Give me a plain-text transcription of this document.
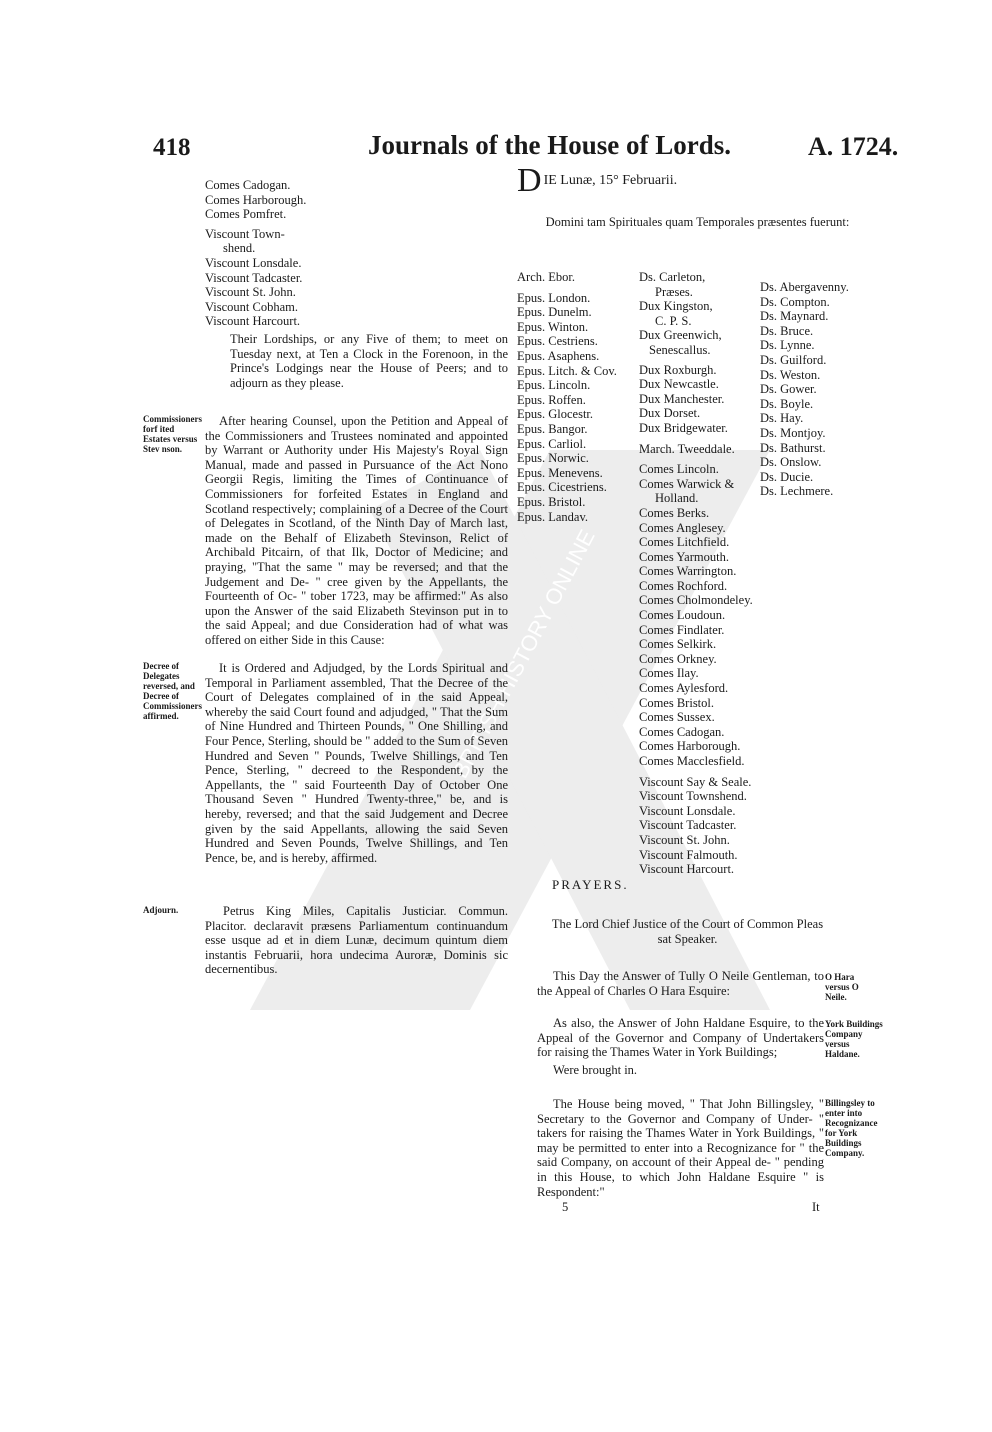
418	Journals of the House of Lords.	A. 1724.
BRITISH HISTORY ONLINE
Comes Cadogan.
Comes Harborough.
Comes Pomfret.
Viscount Town-
shend.
Viscount Lonsdale.
Viscount Tadcaster.
Viscount St. John.
Viscount Cobham.
Viscount Harcourt.
Their Lordships, or any Five of them; to meet on Tuesday next, at Ten a Clock in the Forenoon, in the Prince's Lodgings near the House of Peers; and to adjourn as they please.
Commissioners forf ited Estates versus Stev nson.
Decree of Delegates reversed, and Decree of Commissioners affirmed.
Adjourn.
After hearing Counsel, upon the Petition and Appeal of the Commissioners and Trustees nominated and appointed by Warrant or Authority under His Majesty's Royal Sign Manual, made and passed in Pursuance of the Act Nono Georgii Regis, limiting the Times of Continuance of Commissioners for forfeited Estates in England and Scotland respectively; complaining of a Decree of the Court of Delegates in Scotland, of the Ninth Day of March last, made on the Behalf of Elizabeth Stevinson, Relict of Archibald Pitcairn, of that Ilk, Doctor of Medicine; and praying, "That the same " may be reversed; and that the Judgement and De- " cree given by the Appellants, the Fourteenth of Oc- " tober 1723, may be affirmed:" As also upon the Answer of the said Elizabeth Stevinson put in to the said Appeal; and due Consideration had of what was offered on either Side in this Cause:
It is Ordered and Adjudged, by the Lords Spiritual and Temporal in Parliament assembled, That the Decree of the Court of Delegates complained of in the said Appeal, whereby the said Court found and adjudged, " That the Sum of Nine Hundred and Thirteen Pounds, " One Shilling, and Four Pence, Sterling, should be " added to the Sum of Seven Hundred and Seven " Pounds, Twelve Shillings, and Ten Pence, Sterling, " decreed to the Respondent, by the Appellants, the " said Fourteenth Day of October One Thousand Seven " Hundred Twenty-three," be, and is hereby, reversed; and that the said Judgement and Decree given by the said Appellants, allowing the said Seven Hundred and Seven Pounds, Twelve Shillings, and Ten Pence, be, and is hereby, affirmed.
Petrus King Miles, Capitalis Justiciar. Commun. Placitor. declaravit præsens Parliamentum continuandum esse usque ad et in diem Lunæ, decimum quintum diem instantis Februarii, hora undecima Auroræ, Dominis sic decernentibus.
DIE Lunæ, 15° Februarii.
Domini tam Spirituales quam Temporales præsentes fuerunt:
Arch. Ebor.
Epus. London.
Epus. Dunelm.
Epus. Winton.
Epus. Cestriens.
Epus. Asaphens.
Epus. Litch. & Cov.
Epus. Lincoln.
Epus. Roffen.
Epus. Glocestr.
Epus. Bangor.
Epus. Carliol.
Epus. Norwic.
Epus. Menevens.
Epus. Cicestriens.
Epus. Bristol.
Epus. Landav.
Ds. Carleton,
Præses.
Dux Kingston,
C. P. S.
Dux Greenwich,
Senescallus.
Dux Roxburgh.
Dux Newcastle.
Dux Manchester.
Dux Dorset.
Dux Bridgewater.
March. Tweeddale.
Comes Lincoln.
Comes Warwick &
Holland.
Comes Berks.
Comes Anglesey.
Comes Litchfield.
Comes Yarmouth.
Comes Warrington.
Comes Rochford.
Comes Cholmondeley.
Comes Loudoun.
Comes Findlater.
Comes Selkirk.
Comes Orkney.
Comes Ilay.
Comes Aylesford.
Comes Bristol.
Comes Sussex.
Comes Cadogan.
Comes Harborough.
Comes Macclesfield.
Viscount Say & Seale.
Viscount Townshend.
Viscount Lonsdale.
Viscount Tadcaster.
Viscount St. John.
Viscount Falmouth.
Viscount Harcourt.
Ds. Abergavenny.
Ds. Compton.
Ds. Maynard.
Ds. Bruce.
Ds. Lynne.
Ds. Guilford.
Ds. Weston.
Ds. Gower.
Ds. Boyle.
Ds. Hay.
Ds. Montjoy.
Ds. Bathurst.
Ds. Onslow.
Ds. Ducie.
Ds. Lechmere.
PRAYERS.
The Lord Chief Justice of the Court of Common Pleas sat Speaker.
This Day the Answer of Tully O Neile Gentleman, to the Appeal of Charles O Hara Esquire:
O Hara versus O Neile.
As also, the Answer of John Haldane Esquire, to the Appeal of the Governor and Company of Undertakers for raising the Thames Water in York Buildings;
York Buildings Company versus Haldane.
Were brought in.
The House being moved, " That John Billingsley, " Secretary to the Governor and Company of Under- " takers for raising the Thames Water in York Buildings, " may be permitted to enter into a Recognizance for " the said Company, on account of their Appeal de- " pending in this House, to which John Haldane Esquire " is Respondent:"
Billingsley to enter into Recognizance for York Buildings Company.
5	It
